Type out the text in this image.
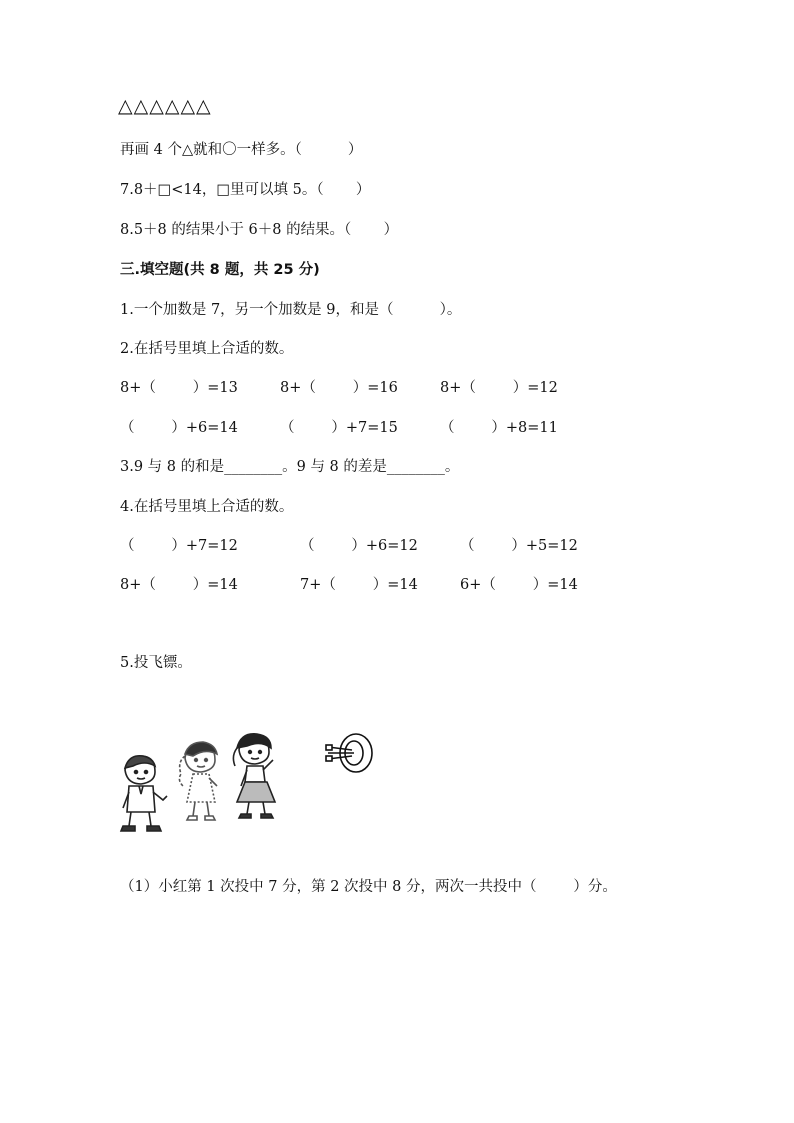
△△△△△△
再画 4 个△就和〇一样多。（          ）
7.8＋□<14，□里可以填 5。（       ）
8.5＋8 的结果小于 6＋8 的结果。（       ）
三.填空题(共 8 题，共 25 分)
1.一个加数是 7，另一个加数是 9，和是（          ）。
2.在括号里填上合适的数。
8+（        ）=13	8+（        ）=16	8+（        ）=12
（        ）+6=14	（        ）+7=15	（        ）+8=11
3.9 与 8 的和是________。9 与 8 的差是________。
4.在括号里填上合适的数。
（        ）+7=12	（        ）+6=12	（        ）+5=12
8+（        ）=14	7+（        ）=14	6+（        ）=14
5.投飞镖。
（1）小红第 1 次投中 7 分，第 2 次投中 8 分，两次一共投中（        ）分。
